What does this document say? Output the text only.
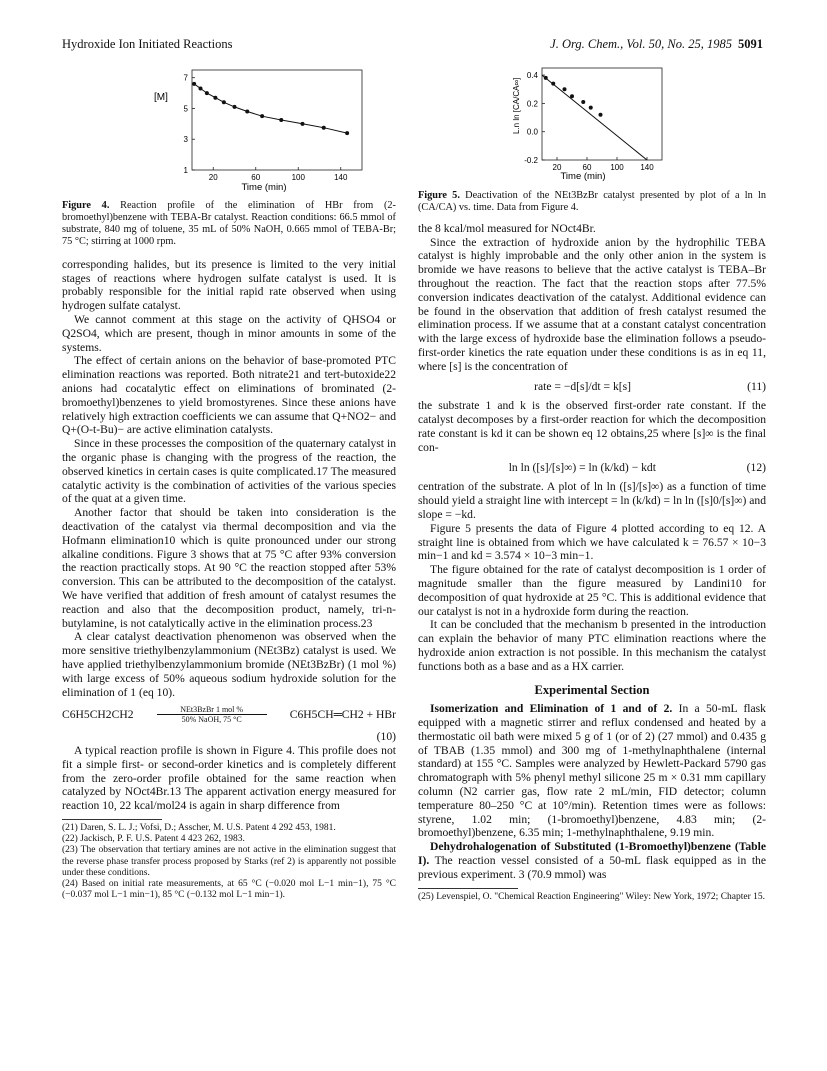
Hydroxide Ion Initiated Reactions	J. Org. Chem., Vol. 50, No. 25, 1985 5091
[M]
20	60	100	140
7
5
3
1
Time (min)
Figure 4. Reaction profile of the elimination of HBr from (2-bromoethyl)benzene with TEBA-Br catalyst. Reaction conditions: 66.5 mmol of substrate, 840 mg of toluene, 35 mL of 50% NaOH, 0.665 mmol of TEBA-Br; 75 °C; stirring at 1000 rpm.

corresponding halides, but its presence is limited to the very initial stages of reactions where hydrogen sulfate catalyst is used. It is probably responsible for the initial rapid rate observed when using hydrogen sulfate catalyst.

We cannot comment at this stage on the activity of QHSO4 or Q2SO4, which are present, though in minor amounts in some of the systems.

The effect of certain anions on the behavior of base-promoted PTC elimination reactions was reported. Both nitrate21 and tert-butoxide22 anions had cocatalytic effect on eliminations of brominated (2-bromoethyl)benzenes to yield bromostyrenes. Since these anions have relatively high extraction coefficients we can assume that Q+NO2− and Q+(O-t-Bu)− are active elimination catalysts.

Since in these processes the composition of the quaternary catalyst in the organic phase is changing with the progress of the reaction, the observed kinetics in certain cases is quite complicated.17 The measured catalytic activity is the combination of activities of the various species of the quat at a given time.

Another factor that should be taken into consideration is the deactivation of the catalyst via thermal decomposition and via the Hofmann elimination10 which is quite pronounced under our strong alkaline conditions. Figure 3 shows that at 75 °C after 93% conversion the reaction practically stops. At 90 °C the reaction stopped after 53% conversion. This can be attributed to the decomposition of the catalyst. We have verified that addition of fresh amount of catalyst resumes the reaction and also that the decomposition product, namely, tri-n-butylamine, is not catalytically active in the elimination process.23

A clear catalyst deactivation phenomenon was observed when the more sensitive triethylbenzylammonium (NEt3Bz) catalyst is used. We have applied triethylbenzylammonium bromide (NEt3BzBr) (1 mol %) with large excess of 50% aqueous sodium hydroxide solution for the elimination of 1 (eq 10).

C6H5CH2CH2	NEt3BzBr 1 mol %
50% NaOH, 75 °C	C6H5CH═CH2 + HBr
(10)

A typical reaction profile is shown in Figure 4. This profile does not fit a simple first- or second-order kinetics and is completely different from the zero-order profile obtained for the same reaction when catalyzed by NOct4Br.13 The apparent activation energy measured for reaction 10, 22 kcal/mol24 is again in sharp difference from

(21) Daren, S. L. J.; Vofsi, D.; Asscher, M. U.S. Patent 4 292 453, 1981.
(22) Jackisch, P. F. U.S. Patent 4 423 262, 1983.
(23) The observation that tertiary amines are not active in the elimination suggest that the reverse phase transfer process proposed by Starks (ref 2) is apparently not possible under these conditions.
(24) Based on initial rate measurements, at 65 °C (−0.020 mol L−1 min−1), 75 °C (−0.037 mol L−1 min−1), 85 °C (−0.132 mol L−1 min−1).
20	60 100 140
0.4
0.2
0.0
-0.2
L.n ln [CA/CA∞]
Time (min)
Figure 5. Deactivation of the NEt3BzBr catalyst presented by plot of a ln ln (CA/CA) vs. time. Data from Figure 4.

the 8 kcal/mol measured for NOct4Br.

Since the extraction of hydroxide anion by the hydrophilic TEBA catalyst is highly improbable and the only other anion in the system is bromide we have reasons to believe that the active catalyst is TEBA–Br throughout the reaction. The fact that the reaction stops after 77.5% conversion indicates deactivation of the catalyst. Additional evidence can be found in the observation that addition of fresh catalyst resumed the elimination process. If we assume that at a constant catalyst concentration with the large excess of hydroxide base the elimination follows a pseudo-first-order kinetics the rate equation under these conditions is as in eq 11, where [s] is the concentration of

rate = −d[s]/dt = k[s]	(11)

the substrate 1 and k is the observed first-order rate constant. If the catalyst decomposes by a first-order reaction for which the decomposition rate constant is kd it can be shown eq 12 obtains,25 where [s]∞ is the final con-

ln ln ([s]/[s]∞) = ln (k/kd) − kdt	(12)

centration of the substrate. A plot of ln ln ([s]/[s]∞) as a function of time should yield a straight line with intercept = ln (k/kd) = ln ln ([s]0/[s]∞) and slope = −kd.

Figure 5 presents the data of Figure 4 plotted according to eq 12. A straight line is obtained from which we have calculated k = 76.57 × 10−3 min−1 and kd = 3.574 × 10−3 min−1.

The figure obtained for the rate of catalyst decomposition is 1 order of magnitude smaller than the figure measured by Landini10 for decomposition of quat hydroxide at 25 °C. This is additional evidence that our catalyst is not in a hydroxide form during the reaction.

It can be concluded that the mechanism b presented in the introduction can explain the behavior of many PTC elimination reactions where the hydroxide anion extraction is not possible. In this mechanism the catalyst functions both as a base and as a HX carrier.

Experimental Section

Isomerization and Elimination of 1 and of 2. In a 50-mL flask equipped with a magnetic stirrer and reflux condensed and heated by a thermostatic oil bath were mixed 5 g of 1 (or of 2) (27 mmol) and 0.435 g of TBAB (1.35 mmol) and 300 mg of 1-methylnaphthalene (internal standard) at 155 °C. Samples were analyzed by Hewlett-Packard 5790 gas chromatograph with 5% phenyl methyl silicone 25 m × 0.31 mm capillary column (N2 carrier gas, flow rate 2 mL/min, FID detector; column temperature 80–250 °C at 10°/min). Retention times were as follows: styrene, 1.02 min; (1-bromoethyl)benzene, 4.83 min; (2-bromoethyl)benzene, 6.35 min; 1-methylnaphthalene, 9.19 min.

Dehydrohalogenation of Substituted (1-Bromoethyl)benzene (Table I). The reaction vessel consisted of a 50-mL flask equipped as in the previous experiment. 3 (70.9 mmol) was

(25) Levenspiel, O. "Chemical Reaction Engineering" Wiley: New York, 1972; Chapter 15.
